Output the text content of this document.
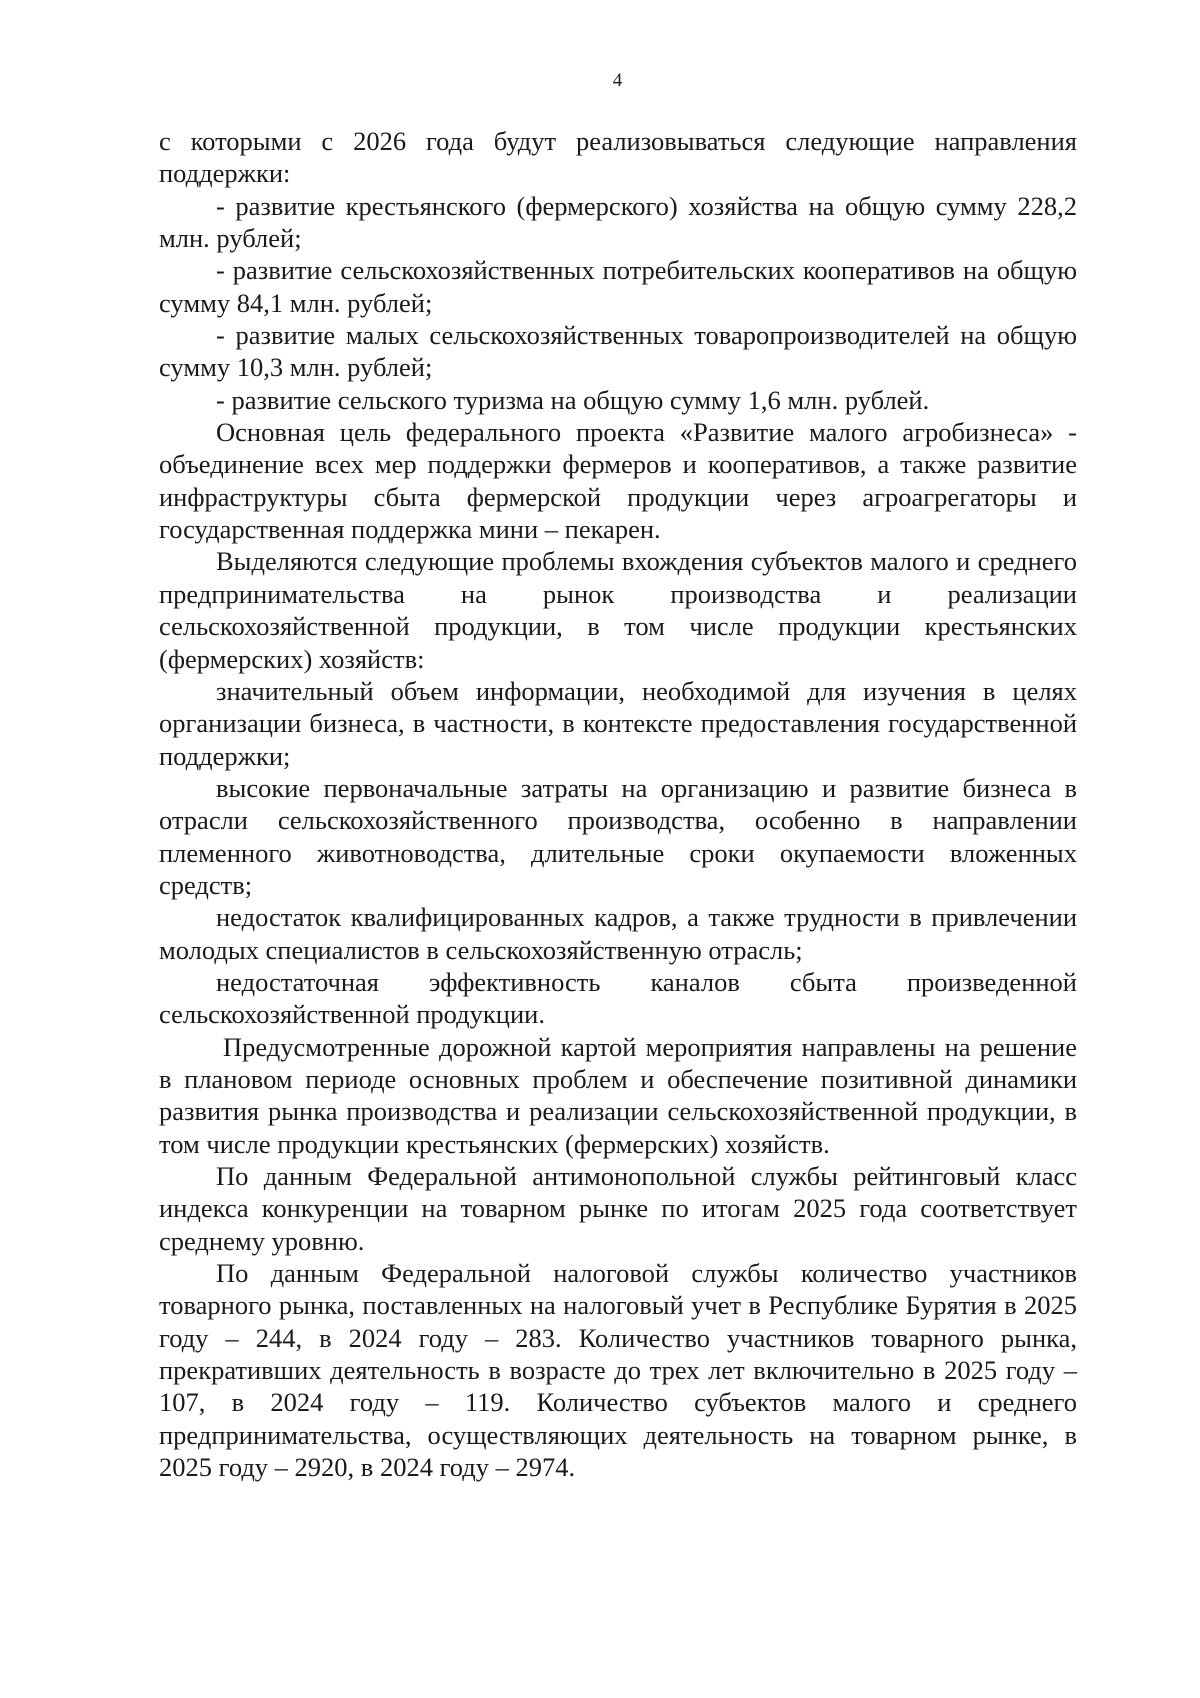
4

с которыми с 2026 года будут реализовываться следующие направления поддержки:

- развитие крестьянского (фермерского) хозяйства на общую сумму 228,2 млн. рублей;

- развитие сельскохозяйственных потребительских кооперативов на общую сумму 84,1 млн. рублей;

- развитие малых сельскохозяйственных товаропроизводителей на общую сумму 10,3 млн. рублей;

- развитие сельского туризма на общую сумму 1,6 млн. рублей.

Основная цель федерального проекта «Развитие малого агробизнеса» - объединение всех мер поддержки фермеров и кооперативов, а также развитие инфраструктуры сбыта фермерской продукции через агроагрегаторы и государственная поддержка мини – пекарен.

Выделяются следующие проблемы вхождения субъектов малого и среднего предпринимательства на рынок производства и реализации сельскохозяйственной продукции, в том числе продукции крестьянских (фермерских) хозяйств:

значительный объем информации, необходимой для изучения в целях организации бизнеса, в частности, в контексте предоставления государственной поддержки;

высокие первоначальные затраты на организацию и развитие бизнеса в отрасли сельскохозяйственного производства, особенно в направлении племенного животноводства, длительные сроки окупаемости вложенных средств;

недостаток квалифицированных кадров, а также трудности в привлечении молодых специалистов в сельскохозяйственную отрасль;

недостаточная эффективность каналов сбыта произведенной сельскохозяйственной продукции.

Предусмотренные дорожной картой мероприятия направлены на решение в плановом периоде основных проблем и обеспечение позитивной динамики развития рынка производства и реализации сельскохозяйственной продукции, в том числе продукции крестьянских (фермерских) хозяйств.

По данным Федеральной антимонопольной службы рейтинговый класс индекса конкуренции на товарном рынке по итогам 2025 года соответствует среднему уровню.

По данным Федеральной налоговой службы количество участников товарного рынка, поставленных на налоговый учет в Республике Бурятия в 2025 году – 244, в 2024 году – 283. Количество участников товарного рынка, прекративших деятельность в возрасте до трех лет включительно в 2025 году – 107, в 2024 году – 119. Количество субъектов малого и среднего предпринимательства, осуществляющих деятельность на товарном рынке, в 2025 году – 2920, в 2024 году – 2974.
